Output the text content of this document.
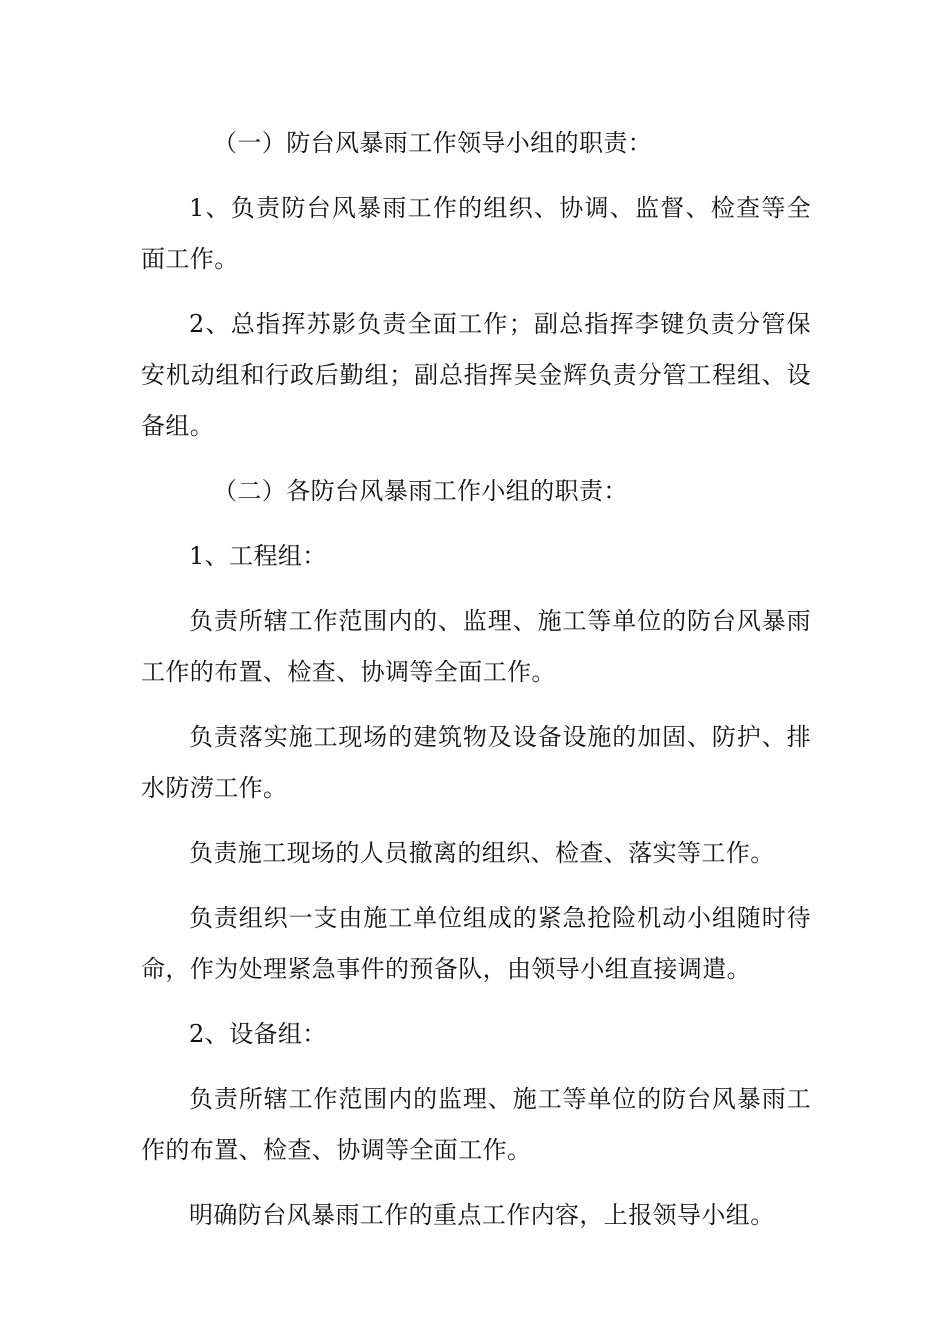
（一）防台风暴雨工作领导小组的职责：

1、负责防台风暴雨工作的组织、协调、监督、检查等全面工作。

2、总指挥苏影负责全面工作；副总指挥李键负责分管保安机动组和行政后勤组；副总指挥吴金辉负责分管工程组、设备组。

（二）各防台风暴雨工作小组的职责：

1、工程组：

负责所辖工作范围内的、监理、施工等单位的防台风暴雨工作的布置、检查、协调等全面工作。

负责落实施工现场的建筑物及设备设施的加固、防护、排水防涝工作。

负责施工现场的人员撤离的组织、检查、落实等工作。

负责组织一支由施工单位组成的紧急抢险机动小组随时待命，作为处理紧急事件的预备队，由领导小组直接调遣。

2、设备组：

负责所辖工作范围内的监理、施工等单位的防台风暴雨工作的布置、检查、协调等全面工作。

明确防台风暴雨工作的重点工作内容，上报领导小组。
